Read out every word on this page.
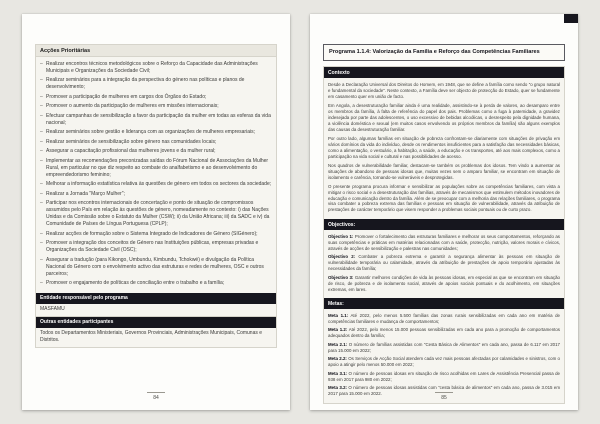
Acções Prioritárias
– Realizar encontros técnicos metodológicos sobre o Reforço da Capacidade das Administrações Municipais e Organizações da Sociedade Civil;
– Realizar seminários para a integração da perspectiva do género nas políticas e planos de desenvolvimento;
– Promover a participação de mulheres em cargos dos Órgãos do Estado;
– Promover o aumento da participação de mulheres em missões internacionais;
– Efectuar campanhas de sensibilização a favor da participação da mulher em todas as esferas da vida nacional;
– Realizar seminários sobre gestão e liderança com as organizações de mulheres empresariais;
– Realizar seminários de sensibilização sobre género nas comunidades locais;
– Assegurar a capacitação profissional das mulheres jovens e da mulher rural;
– Implementar as recomendações preconizadas saídas do Fórum Nacional de Associações da Mulher Rural, em particular no que diz respeito ao combate do analfabetismo e ao desenvolvimento do empreendedorismo feminino;
– Melhorar a informação estatística relativa às questões de género em todos os sectores da sociedade;
– Realizar a Jornada "Março Mulher";
– Participar nos encontros internacionais de concertação e ponto de situação de compromissos assumidos pelo País em relação às questões de género, nomeadamente no contexto: i) das Nações Unidas e da Comissão sobre o Estatuto da Mulher (CSW); ii) da União Africana; iii) da SADC e iv) da Comunidade de Países de Língua Portuguesa (CPLP);
– Realizar acções de formação sobre o Sistema Integrado de Indicadores de Género (SIGénero);
– Promover a integração dos conceitos de Género nas Instituições públicas, empresas privadas e Organizações da Sociedade Civil (OSC);
– Assegurar a tradução (para Kikongo, Umbundu, Kimbundu, Tchokwé) e divulgação da Política Nacional do Género com o envolvimento activo das estruturas e redes de mulheres, OSC e outros parceiros;
– Promover o engajamento de políticas de conciliação entre o trabalho e a família;
Entidade responsável pelo programa
MASFAMU
Outras entidades participantes
Todos os Departamentos Ministeriais, Governos Provinciais, Administrações Municipais, Comunas e Distritos.
84
Programa 1.1.4: Valorização da Família e Reforço das Competências Familiares
Contexto

Desde a Declaração Universal dos Direitos do Homem, em 1948, que se define a família como sendo "o grupo natural e fundamental da sociedade". Neste contexto, a Família deve ser objecto de protecção do Estado, quer se fundamente em casamento quer em união de facto.

Em Angola, a desestruturação familiar ainda é uma realidade, assistindo-se à perda de valores, ao desamparo entre os membros da família, à falta de referência do papel dos pais. Problemas como a fuga à paternidade, a gravidez indesejada por parte das adolescentes, o uso excessivo de bebidas alcoólicas, o desrespeito pela dignidade humana, a violência doméstica e sexual (em muitos casos envolvendo os próprios membros da família) são alguns exemplos das causas da desestruturação familiar.

Por outro lado, algumas famílias em situação de pobreza confrontam-se diariamente com situações de privação em vários domínios da vida do indivíduo, desde os rendimentos insuficientes para a satisfação das necessidades básicas, como a alimentação, o vestuário, a habitação, a saúde, a educação e os transportes, até aos mais complexos, como a participação na vida social e cultural e nas possibilidades de acesso.

Nos quadros de vulnerabilidade familiar, destacam-se também os problemas dos idosos. Tem vindo a aumentar as situações de abandono de pessoas idosas que, muitas vezes sem o amparo familiar, se encontram em situação de isolamento e carência, tornando-se vulneráveis e desprotegidas.

O presente programa procura informar e sensibilizar as populações sobre as competências familiares, com vista a mitigar o risco social e a desestruturação das famílias, através de mecanismos que estimulem métodos inovadores de educação e comunicação dentro da família. Além de se preocupar com a melhoria das relações familiares, o programa visa combater a pobreza extrema das famílias e pessoas em situação de vulnerabilidade, através da atribuição de prestações de carácter temporário que visem responder a problemas sociais pontuais ou de curto prazo.

Objectivos:
Objectivo 1: Promover o fortalecimento das estruturas familiares e melhorar os seus comportamentos, reforçando as suas competências e práticas em matérias relacionadas com a saúde, protecção, nutrição, valores morais e cívicos, através de acções de sensibilização e palestras nas comunidades;
Objectivo 2: Combater a pobreza extrema e garantir a segurança alimentar às pessoas em situação de vulnerabilidade temporária ou calamidade, através da atribuição de prestações de apoio temporário ajustadas às necessidades da família;
Objectivo 3: Garantir melhores condições de vida às pessoas idosas, em especial as que se encontram em situação de risco, de pobreza e de isolamento social, através de apoios sociais pontuais e do acolhimento, em situações extremas, em lares.
Metas:
Meta 1.1: Até 2022, pelo menos 5.500 famílias das zonas rurais sensibilizadas em cada ano em matéria de competências familiares e mudança de comportamentos;
Meta 1.2: Até 2022, pelo menos 15.000 pessoas sensibilizadas em cada ano para a promoção de comportamentos adequados dentro da família;
Meta 2.1: O número de famílias assistidas com "Cesta Básica de Alimentos" em cada ano, passa de 6.117 em 2017 para 15.000 em 2022;
Meta 2.2: Os Serviços de Acção Social atendem cada vez mais pessoas afectadas por calamidades e sinistros, com o apoio a atingir pelo menos 50.000 em 2022;
Meta 3.1: O número de pessoas idosas em situação de risco acolhidas em Lares de Assistência Presencial passa de 938 em 2017 para 980 em 2022;
Meta 3.2: O número de pessoas idosas assistidas com "cesta básica de alimentos" em cada ano, passa de 3.015 em 2017 para 15.000 em 2022.
85
